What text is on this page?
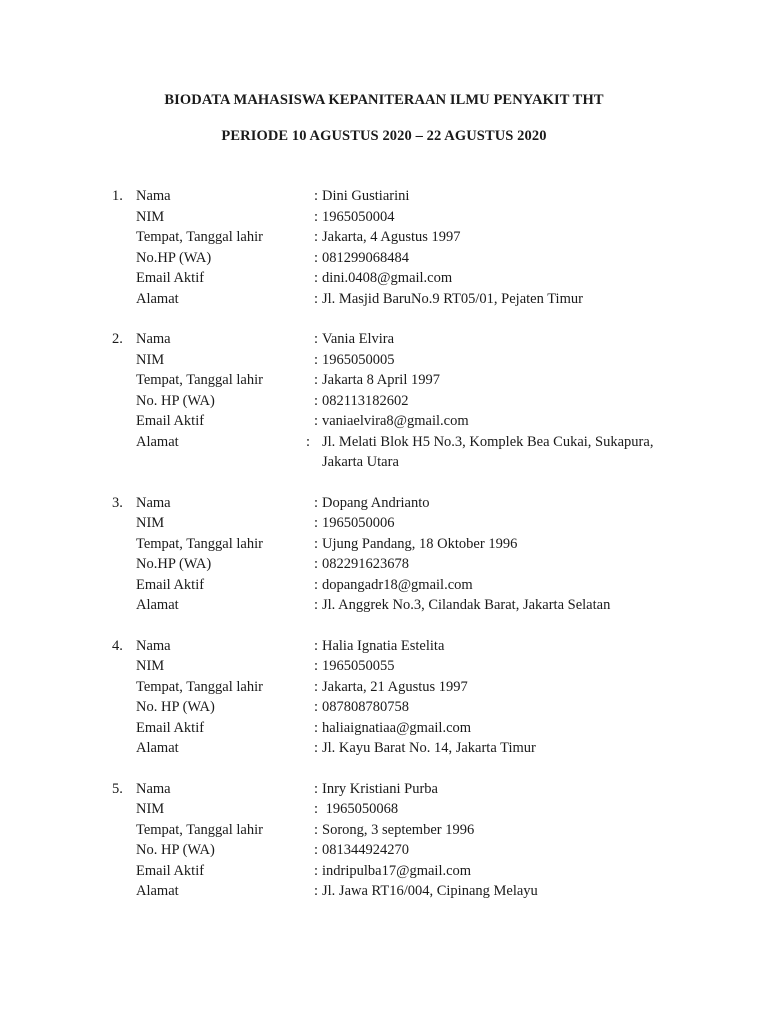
BIODATA MAHASISWA KEPANITERAAN ILMU PENYAKIT THT
PERIODE 10 AGUSTUS 2020 – 22 AGUSTUS 2020
1. Nama	: Dini Gustiarini
NIM	: 1965050004
Tempat, Tanggal lahir	: Jakarta, 4 Agustus 1997
No.HP (WA)	: 081299068484
Email Aktif	: dini.0408@gmail.com
Alamat	: Jl. Masjid BaruNo.9 RT05/01, Pejaten Timur
2. Nama	: Vania Elvira
NIM	: 1965050005
Tempat, Tanggal lahir	: Jakarta 8 April 1997
No. HP (WA)	: 082113182602
Email Aktif	: vaniaelvira8@gmail.com
Alamat	: Jl. Melati Blok H5 No.3, Komplek Bea Cukai, Sukapura, Jakarta Utara
3. Nama	: Dopang Andrianto
NIM	: 1965050006
Tempat, Tanggal lahir	: Ujung Pandang, 18 Oktober 1996
No.HP (WA)	: 082291623678
Email Aktif	: dopangadr18@gmail.com
Alamat	: Jl. Anggrek No.3, Cilandak Barat, Jakarta Selatan
4. Nama	: Halia Ignatia Estelita
NIM	: 1965050055
Tempat, Tanggal lahir	: Jakarta, 21 Agustus 1997
No. HP (WA)	: 087808780758
Email Aktif	: haliaignatiaa@gmail.com
Alamat	: Jl. Kayu Barat No. 14, Jakarta Timur
5. Nama	: Inry Kristiani Purba
NIM	: 1965050068
Tempat, Tanggal lahir	: Sorong, 3 september 1996
No. HP (WA)	: 081344924270
Email Aktif	: indripulba17@gmail.com
Alamat	: Jl. Jawa RT16/004, Cipinang Melayu
